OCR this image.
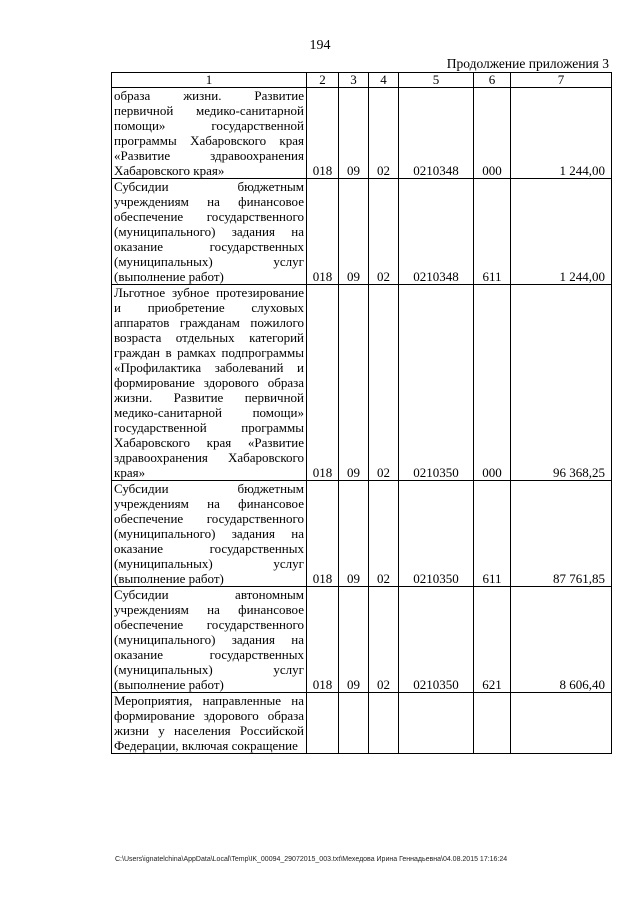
194
Продолжение приложения 3
1	2	3	4	5	6	7
образа жизни. Развитие первичной медико-санитарной помощи» государственной программы Хабаровского края «Развитие здравоохранения Хабаровского края»	018	09	02	0210348	000	1 244,00
Субсидии бюджетным учреждениям на финансовое обеспечение государственного (муниципального) задания на оказание государственных (муниципальных) услуг (выполнение работ)	018	09	02	0210348	611	1 244,00
Льготное зубное протезирование и приобретение слуховых аппаратов гражданам пожилого возраста отдельных категорий граждан в рамках подпрограммы «Профилактика заболеваний и формирование здорового образа жизни. Развитие первичной медико-санитарной помощи» государственной программы Хабаровского края «Развитие здравоохранения Хабаровского края»	018	09	02	0210350	000	96 368,25
Субсидии бюджетным учреждениям на финансовое обеспечение государственного (муниципального) задания на оказание государственных (муниципальных) услуг (выполнение работ)	018	09	02	0210350	611	87 761,85
Субсидии автономным учреждениям на финансовое обеспечение государственного (муниципального) задания на оказание государственных (муниципальных) услуг (выполнение работ)	018	09	02	0210350	621	8 606,40
Мероприятия, направленные на формирование здорового образа жизни у населения Российской Федерации, включая сокращение						
C:\Users\ignatelchina\AppData\Local\Temp\IK_00094_29072015_003.txt\Мехедова Ирина Геннадьевна\04.08.2015 17:16:24
